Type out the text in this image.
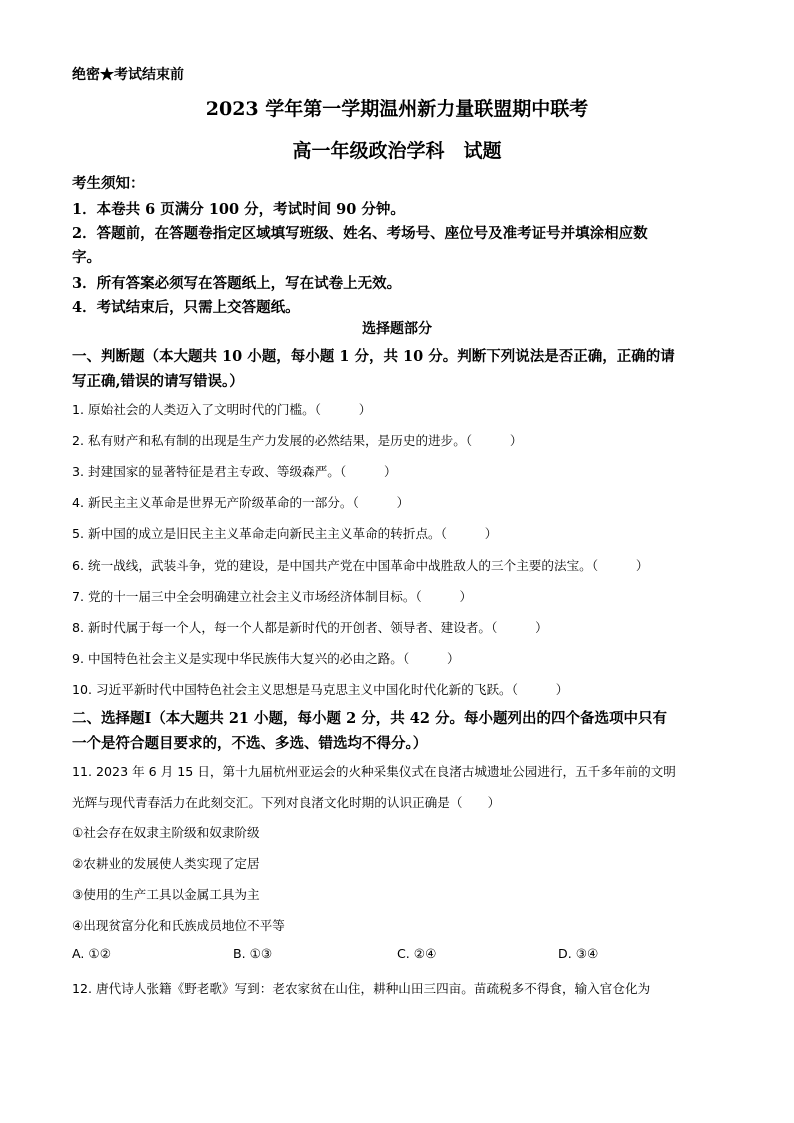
绝密★考试结束前
2023 学年第一学期温州新力量联盟期中联考
高一年级政治学科　试题
考生须知：
1．本卷共 6 页满分 100 分，考试时间 90 分钟。
2．答题前，在答题卷指定区域填写班级、姓名、考场号、座位号及准考证号并填涂相应数
字。
3．所有答案必须写在答题纸上，写在试卷上无效。
4．考试结束后，只需上交答题纸。
选择题部分
一、判断题（本大题共 10 小题，每小题 1 分，共 10 分。判断下列说法是否正确，正确的请
写正确,错误的请写错误。）
1. 原始社会的人类迈入了文明时代的门槛。（　　　）
2. 私有财产和私有制的出现是生产力发展的必然结果，是历史的进步。（　　　）
3. 封建国家的显著特征是君主专政、等级森严。（　　　）
4. 新民主主义革命是世界无产阶级革命的一部分。（　　　）
5. 新中国的成立是旧民主主义革命走向新民主主义革命的转折点。（　　　）
6. 统一战线，武装斗争，党的建设，是中国共产党在中国革命中战胜敌人的三个主要的法宝。（　　　）
7. 党的十一届三中全会明确建立社会主义市场经济体制目标。（　　　）
8. 新时代属于每一个人，每一个人都是新时代的开创者、领导者、建设者。（　　　）
9. 中国特色社会主义是实现中华民族伟大复兴的必由之路。（　　　）
10. 习近平新时代中国特色社会主义思想是马克思主义中国化时代化新的飞跃。（　　　）
二、选择题Ⅰ（本大题共 21 小题，每小题 2 分，共 42 分。每小题列出的四个备选项中只有
一个是符合题目要求的，不选、多选、错选均不得分。）
11. 2023 年 6 月 15 日，第十九届杭州亚运会的火种采集仪式在良渚古城遗址公园进行，五千多年前的文明
光辉与现代青春活力在此刻交汇。下列对良渚文化时期的认识正确是（　　）
①社会存在奴隶主阶级和奴隶阶级
②农耕业的发展使人类实现了定居
③使用的生产工具以金属工具为主
④出现贫富分化和氏族成员地位不平等
A. ①②	B. ①③	C. ②④	D. ③④
12. 唐代诗人张籍《野老歌》写到：老农家贫在山住，耕种山田三四亩。苗疏税多不得食，输入官仓化为
